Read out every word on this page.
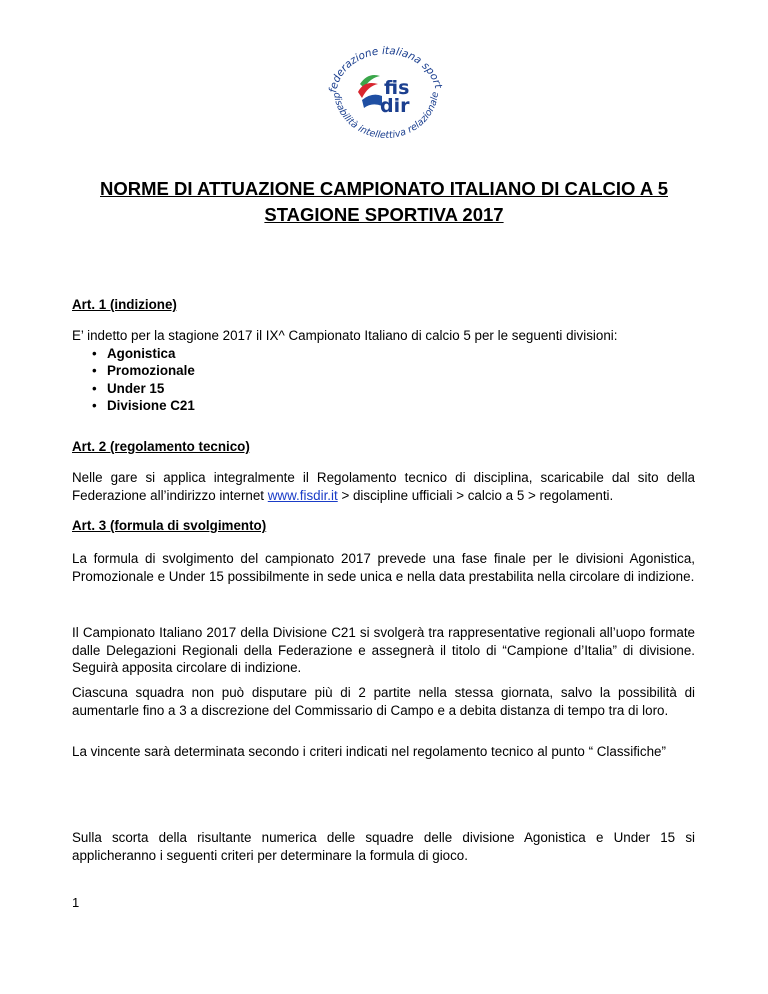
federazione italiana sport
disabilità intellettiva relazionale
fis
dir
NORME DI ATTUAZIONE CAMPIONATO ITALIANO DI CALCIO A 5
STAGIONE SPORTIVA 2017
Art. 1 (indizione)
E’ indetto per la stagione 2017 il IX^ Campionato Italiano di calcio 5 per le seguenti divisioni:
• Agonistica
• Promozionale
• Under 15
• Divisione C21
Art. 2 (regolamento tecnico)
Nelle gare si applica integralmente il Regolamento tecnico di disciplina, scaricabile dal sito della Federazione all’indirizzo internet www.fisdir.it > discipline ufficiali > calcio a 5 > regolamenti.
Art. 3 (formula di svolgimento)
La formula di svolgimento del campionato 2017 prevede una fase finale per le divisioni Agonistica, Promozionale e Under 15 possibilmente in sede unica e nella data prestabilita nella circolare di indizione.
Il Campionato Italiano 2017 della Divisione C21 si svolgerà tra rappresentative regionali all’uopo formate dalle Delegazioni Regionali della Federazione e assegnerà il titolo di “Campione d’Italia” di divisione. Seguirà apposita circolare di indizione.
Ciascuna squadra non può disputare più di 2 partite nella stessa giornata, salvo la possibilità di aumentarle fino a 3 a discrezione del Commissario di Campo e a debita distanza di tempo tra di loro.
La vincente sarà determinata secondo i criteri indicati nel regolamento tecnico al punto “ Classifiche”
Sulla scorta della risultante numerica delle squadre delle divisione Agonistica e Under 15 si applicheranno i seguenti criteri per determinare la formula di gioco.
1
